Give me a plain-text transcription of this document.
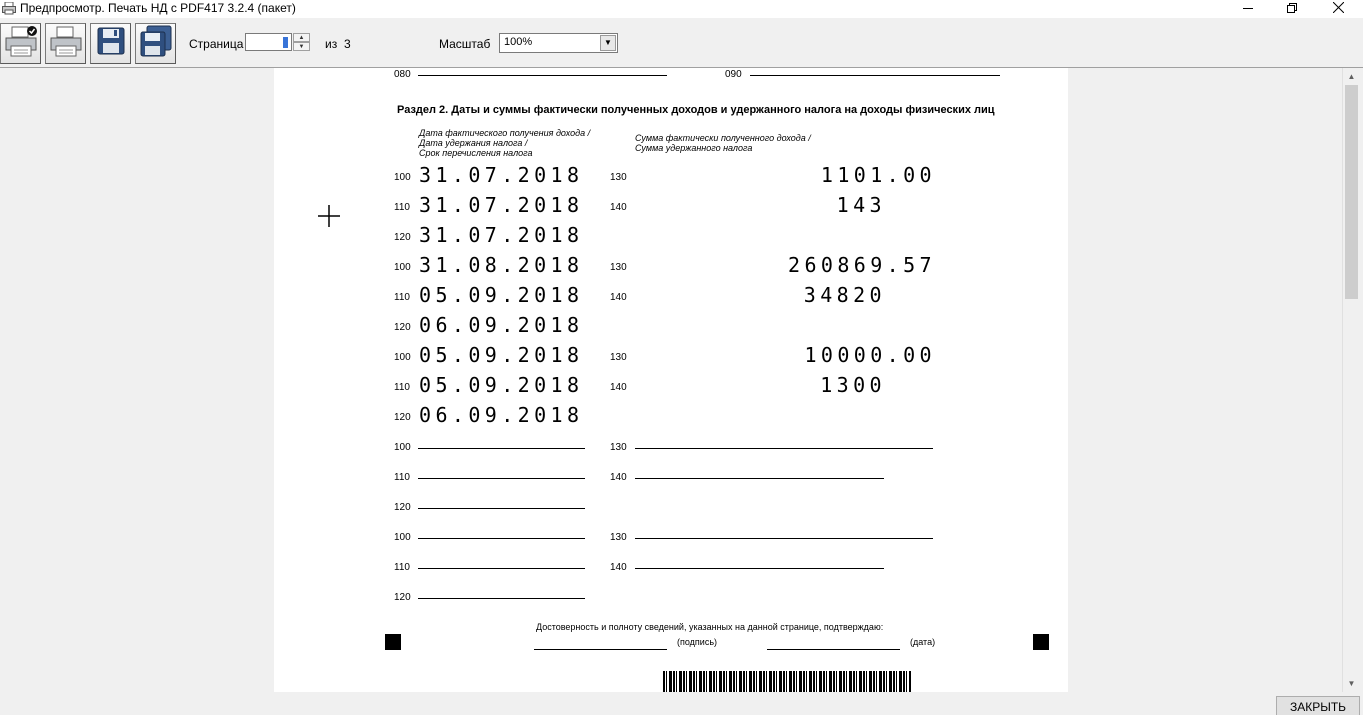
Предпросмотр. Печать НД с PDF417 3.2.4 (пакет)
Страница	▲
▼	из 3	Масштаб	100%	▼
080	090
Раздел 2. Даты и суммы фактически полученных доходов и удержанного налога на доходы физических лиц
Дата фактического получения дохода /
Дата удержания налога /
Срок перечисления налога
Сумма фактически полученного дохода /
Сумма удержанного налога
100 31.07.2018	130	1101.00
110 31.07.2018	140	143
120 31.07.2018
100 31.08.2018	130	260869.57
110 05.09.2018	140	34820
120 06.09.2018
100 05.09.2018	130	10000.00
110 05.09.2018	140	1300
120 06.09.2018
100	130
110	140
120
100	130
110	140
120
Достоверность и полноту сведений, указанных на данной странице, подтверждаю:
(подпись)	(дата)
▲
▼
ЗАКРЫТЬ
